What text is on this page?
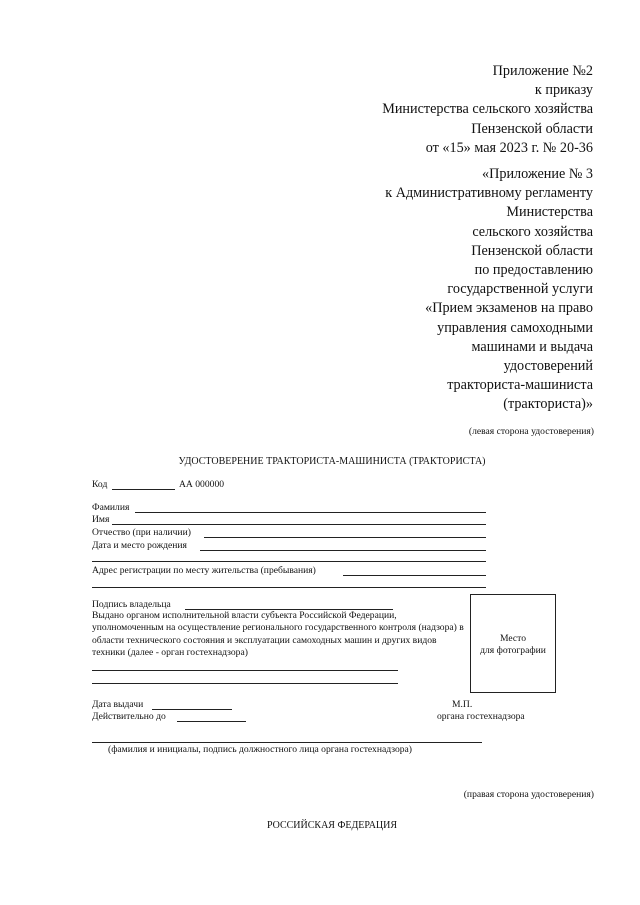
Приложение №2
к приказу
Министерства сельского хозяйства
Пензенской области
от «15» мая 2023 г. № 20-36
«Приложение № 3
к Административному регламенту
Министерства
сельского хозяйства
Пензенской области
по предоставлению
государственной услуги
«Прием экзаменов на право
управления самоходными
машинами и выдача
удостоверений
тракториста-машиниста
(тракториста)»
(левая сторона удостоверения)
УДОСТОВЕРЕНИЕ ТРАКТОРИСТА-МАШИНИСТА (ТРАКТОРИСТА)
Код	АА 000000
Фамилия
Имя
Отчество (при наличии)
Дата и место рождения
Адрес регистрации по месту жительства (пребывания)
Подпись владельца
Выдано органом исполнительной власти субъекта Российской Федерации, уполномоченным на осуществление регионального государственного контроля (надзора) в области технического состояния и эксплуатации самоходных машин и других видов техники (далее - орган гостехнадзора)
Место
для фотографии
Дата выдачи
Действительно до
М.П.
органа гостехнадзора
(фамилия и инициалы, подпись должностного лица органа гостехнадзора)
(правая сторона удостоверения)
РОССИЙСКАЯ ФЕДЕРАЦИЯ
